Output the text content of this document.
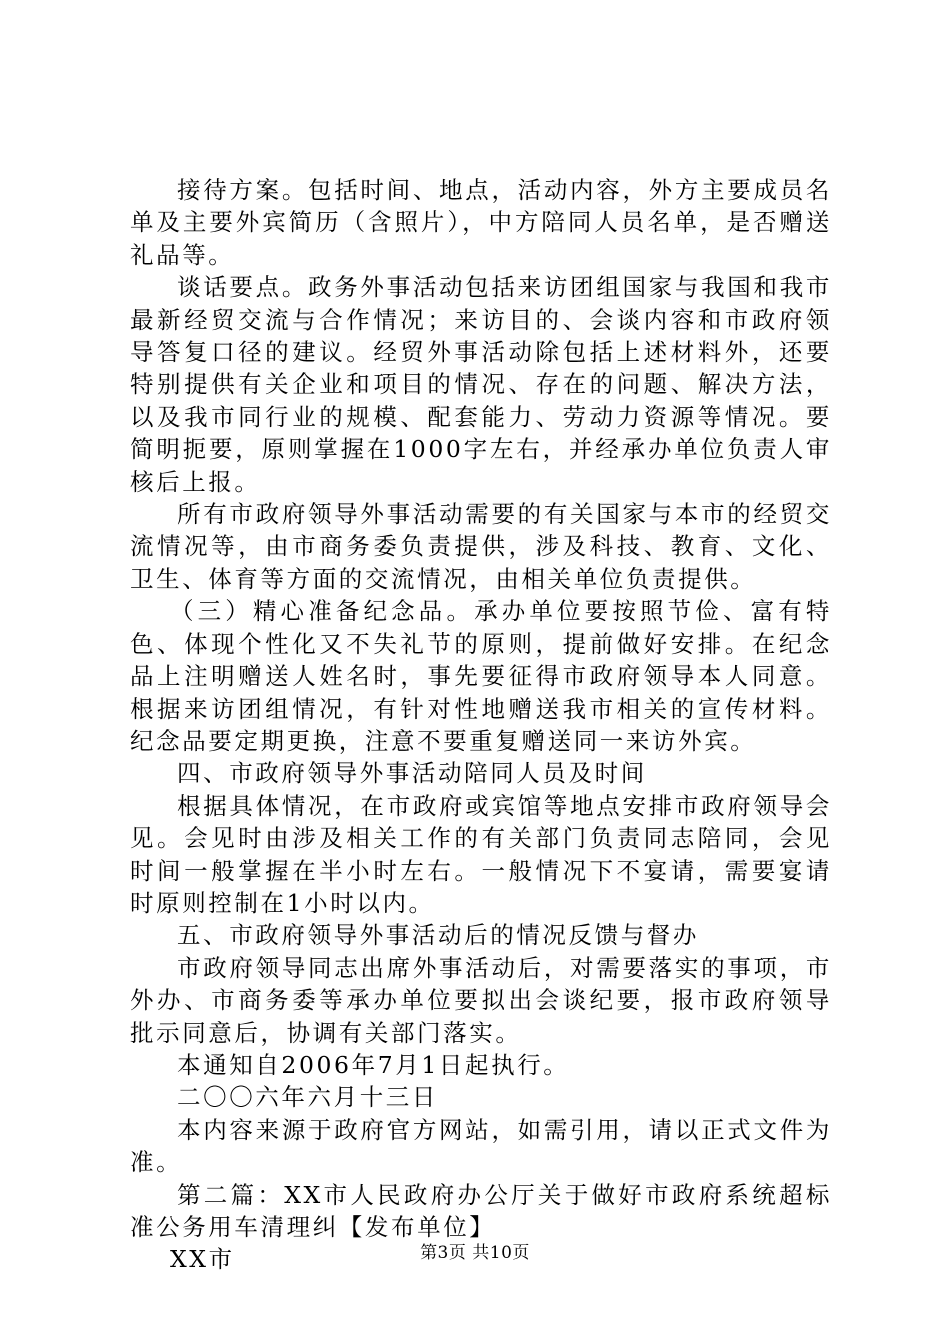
接待方案。包括时间、地点，活动内容，外方主要成员名单及主要外宾简历（含照片），中方陪同人员名单，是否赠送礼品等。

谈话要点。政务外事活动包括来访团组国家与我国和我市最新经贸交流与合作情况；来访目的、会谈内容和市政府领导答复口径的建议。经贸外事活动除包括上述材料外，还要特别提供有关企业和项目的情况、存在的问题、解决方法，以及我市同行业的规模、配套能力、劳动力资源等情况。要简明扼要，原则掌握在1000字左右，并经承办单位负责人审核后上报。

所有市政府领导外事活动需要的有关国家与本市的经贸交流情况等，由市商务委负责提供，涉及科技、教育、文化、卫生、体育等方面的交流情况，由相关单位负责提供。

（三）精心准备纪念品。承办单位要按照节俭、富有特色、体现个性化又不失礼节的原则，提前做好安排。在纪念品上注明赠送人姓名时，事先要征得市政府领导本人同意。根据来访团组情况，有针对性地赠送我市相关的宣传材料。纪念品要定期更换，注意不要重复赠送同一来访外宾。

四、市政府领导外事活动陪同人员及时间

根据具体情况，在市政府或宾馆等地点安排市政府领导会见。会见时由涉及相关工作的有关部门负责同志陪同，会见时间一般掌握在半小时左右。一般情况下不宴请，需要宴请时原则控制在1小时以内。

五、市政府领导外事活动后的情况反馈与督办

市政府领导同志出席外事活动后，对需要落实的事项，市外办、市商务委等承办单位要拟出会谈纪要，报市政府领导批示同意后，协调有关部门落实。

本通知自2006年7月1日起执行。

二〇〇六年六月十三日

本内容来源于政府官方网站，如需引用，请以正式文件为准。

第二篇：XX市人民政府办公厅关于做好市政府系统超标准公务用车清理纠【发布单位】

XX市	第3页 共10页
